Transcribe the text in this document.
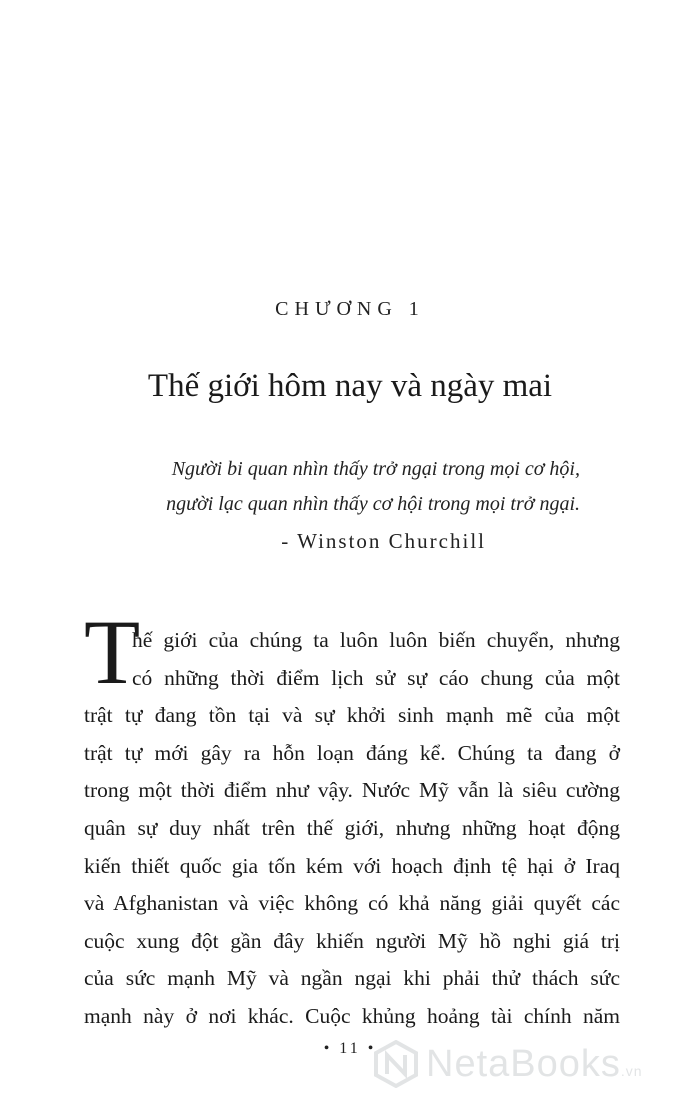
CHƯƠNG 1
Thế giới hôm nay và ngày mai
Người bi quan nhìn thấy trở ngại trong mọi cơ hội,
người lạc quan nhìn thấy cơ hội trong mọi trở ngại.
- Winston Churchill
T
hế giới của chúng ta luôn luôn biến chuyển, nhưng
có những thời điểm lịch sử sự cáo chung của một
trật tự đang tồn tại và sự khởi sinh mạnh mẽ của một
trật tự mới gây ra hỗn loạn đáng kể. Chúng ta đang ở
trong một thời điểm như vậy. Nước Mỹ vẫn là siêu cường
quân sự duy nhất trên thế giới, nhưng những hoạt động
kiến thiết quốc gia tốn kém với hoạch định tệ hại ở Iraq
và Afghanistan và việc không có khả năng giải quyết các
cuộc xung đột gần đây khiến người Mỹ hồ nghi giá trị
của sức mạnh Mỹ và ngần ngại khi phải thử thách sức
mạnh này ở nơi khác. Cuộc khủng hoảng tài chính năm
• 11 •	NetaBooks.vn
